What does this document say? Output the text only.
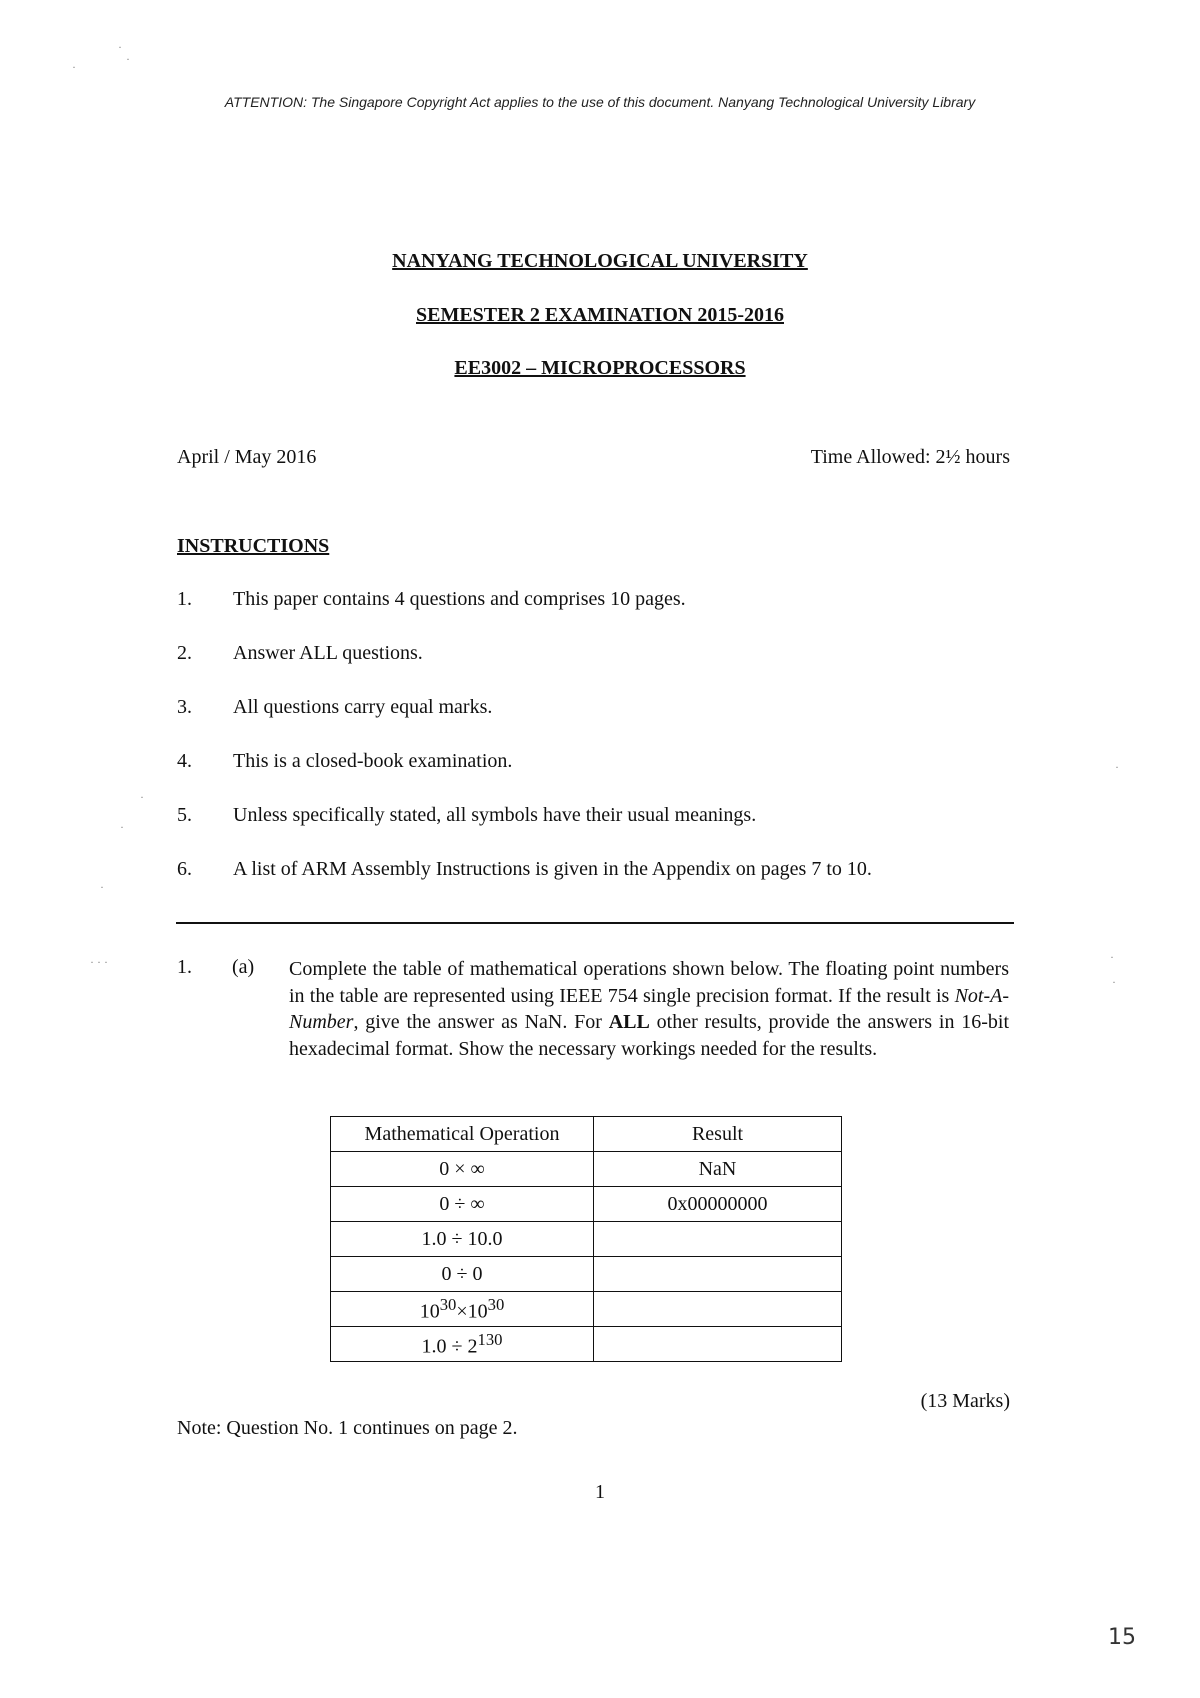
ATTENTION: The Singapore Copyright Act applies to the use of this document. Nanyang Technological University Library
NANYANG TECHNOLOGICAL UNIVERSITY
SEMESTER 2 EXAMINATION 2015-2016
EE3002 – MICROPROCESSORS
April / May 2016	Time Allowed: 2½ hours
INSTRUCTIONS
1. This paper contains 4 questions and comprises 10 pages.
2. Answer ALL questions.
3. All questions carry equal marks.
4. This is a closed-book examination.
5. Unless specifically stated, all symbols have their usual meanings.
6. A list of ARM Assembly Instructions is given in the Appendix on pages 7 to 10.
1. (a) Complete the table of mathematical operations shown below. The floating point numbers in the table are represented using IEEE 754 single precision format. If the result is Not-A-Number, give the answer as NaN. For ALL other results, provide the answers in 16-bit hexadecimal format. Show the necessary workings needed for the results.
Mathematical Operation	Result
0 × ∞	NaN
0 ÷ ∞	0x00000000
1.0 ÷ 10.0	
0 ÷ 0	
$10^{30}\times 10^{30}$	
$1.0 \div 2^{130}$	
(13 Marks)
Note: Question No. 1 continues on page 2.
1
15
·
·
·
·
·
·
· · ·
·
·
·
